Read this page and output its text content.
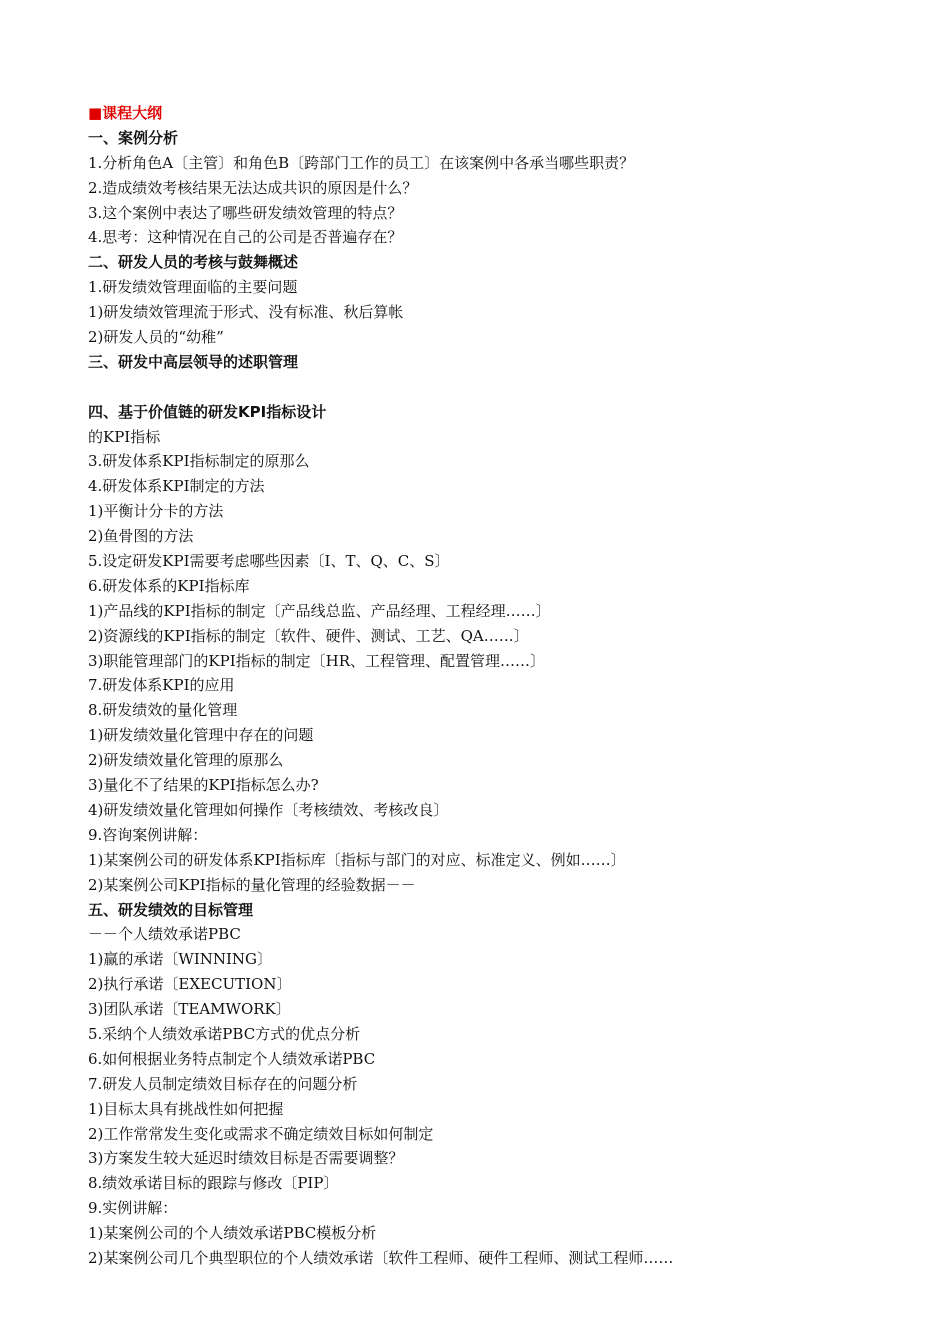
■课程大纲
一、案例分析
1.分析角色A〔主管〕和角色B〔跨部门工作的员工〕在该案例中各承当哪些职责？
2.造成绩效考核结果无法达成共识的原因是什么？
3.这个案例中表达了哪些研发绩效管理的特点？
4.思考：这种情况在自己的公司是否普遍存在？
二、研发人员的考核与鼓舞概述
1.研发绩效管理面临的主要问题
1)研发绩效管理流于形式、没有标准、秋后算帐
2)研发人员的“幼稚”
三、研发中高层领导的述职管理
四、基于价值链的研发KPI指标设计
的KPI指标
3.研发体系KPI指标制定的原那么
4.研发体系KPI制定的方法
1)平衡计分卡的方法
2)鱼骨图的方法
5.设定研发KPI需要考虑哪些因素〔I、T、Q、C、S〕
6.研发体系的KPI指标库
1)产品线的KPI指标的制定〔产品线总监、产品经理、工程经理……〕
2)资源线的KPI指标的制定〔软件、硬件、测试、工艺、QA……〕
3)职能管理部门的KPI指标的制定〔HR、工程管理、配置管理……〕
7.研发体系KPI的应用
8.研发绩效的量化管理
1)研发绩效量化管理中存在的问题
2)研发绩效量化管理的原那么
3)量化不了结果的KPI指标怎么办?
4)研发绩效量化管理如何操作〔考核绩效、考核改良〕
9.咨询案例讲解：
1)某案例公司的研发体系KPI指标库〔指标与部门的对应、标准定义、例如……〕
2)某案例公司KPI指标的量化管理的经验数据－－
五、研发绩效的目标管理
－－个人绩效承诺PBC
1)赢的承诺〔WINNING〕
2)执行承诺〔EXECUTION〕
3)团队承诺〔TEAMWORK〕
5.采纳个人绩效承诺PBC方式的优点分析
6.如何根据业务特点制定个人绩效承诺PBC
7.研发人员制定绩效目标存在的问题分析
1)目标太具有挑战性如何把握
2)工作常常发生变化或需求不确定绩效目标如何制定
3)方案发生较大延迟时绩效目标是否需要调整？
8.绩效承诺目标的跟踪与修改〔PIP〕
9.实例讲解：
1)某案例公司的个人绩效承诺PBC模板分析
2)某案例公司几个典型职位的个人绩效承诺〔软件工程师、硬件工程师、测试工程师……
